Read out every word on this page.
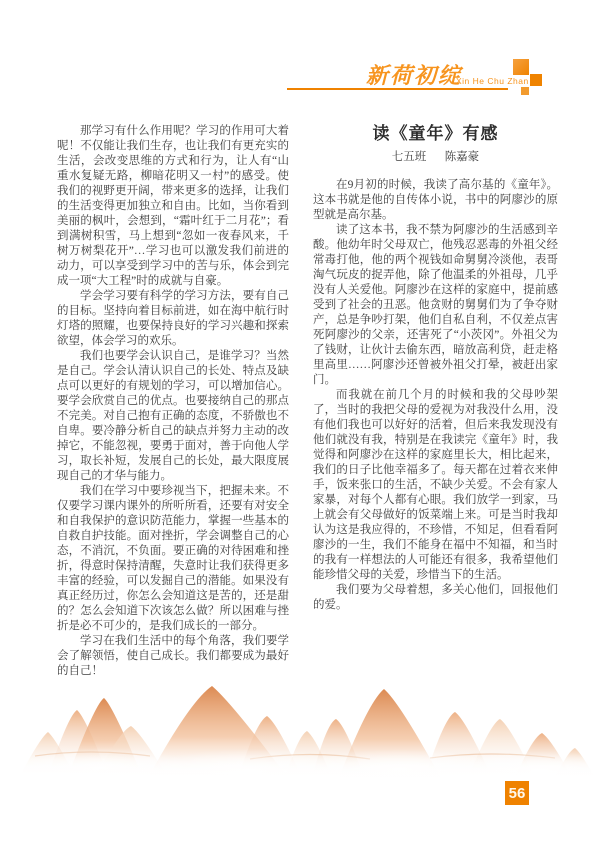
新荷初绽
Xin He Chu Zhan

那学习有什么作用呢？学习的作用可大着呢！不仅能让我们生存，也让我们有更充实的生活，会改变思维的方式和行为，让人有“山重水复疑无路，柳暗花明又一村”的感受。使我们的视野更开阔，带来更多的选择，让我们的生活变得更加独立和自由。比如，当你看到美丽的枫叶，会想到，“霜叶红于二月花”；看到满树积雪，马上想到“忽如一夜春风来，千树万树梨花开”…学习也可以激发我们前进的动力，可以享受到学习中的苦与乐，体会到完成一项“大工程”时的成就与自豪。

学会学习要有科学的学习方法，要有自己的目标。坚持向着目标前进，如在海中航行时灯塔的照耀，也要保持良好的学习兴趣和探索欲望，体会学习的欢乐。

我们也要学会认识自己，是谁学习？当然是自己。学会认清认识自己的长处、特点及缺点可以更好的有规划的学习，可以增加信心。要学会欣赏自己的优点。也要接纳自己的那点不完美。对自己抱有正确的态度，不骄傲也不自卑。要冷静分析自己的缺点并努力主动的改掉它，不能忽视，要勇于面对，善于向他人学习，取长补短，发展自己的长处，最大限度展现自己的才华与能力。

我们在学习中要珍视当下，把握未来。不仅要学习课内课外的所听所看，还要有对安全和自我保护的意识防范能力，掌握一些基本的自救自护技能。面对挫折，学会调整自己的心态，不消沉，不负面。要正确的对待困难和挫折，得意时保持清醒，失意时让我们获得更多丰富的经验，可以发掘自己的潜能。如果没有真正经历过，你怎么会知道这是苦的，还是甜的？怎么会知道下次该怎么做？所以困难与挫折是必不可少的，是我们成长的一部分。

学习在我们生活中的每个角落，我们要学会了解领悟，使自己成长。我们都要成为最好的自己！

读《童年》有感
七五班 陈嘉豪

在9月初的时候，我读了高尔基的《童年》。这本书就是他的自传体小说，书中的阿廖沙的原型就是高尔基。

读了这本书，我不禁为阿廖沙的生活感到辛酸。他幼年时父母双亡，他残忍恶毒的外祖父经常毒打他，他的两个视钱如命舅舅冷淡他，表哥淘气玩皮的捉弄他，除了他温柔的外祖母，几乎没有人关爱他。阿廖沙在这样的家庭中，提前感受到了社会的丑恶。他贪财的舅舅们为了争夺财产，总是争吵打架，他们自私自利，不仅差点害死阿廖沙的父亲，还害死了“小茨冈”。外祖父为了钱财，让伙计去偷东西，暗放高利贷，赶走格里高里……阿廖沙还曾被外祖父打晕，被赶出家门。

而我就在前几个月的时候和我的父母吵架了，当时的我把父母的爱视为对我没什么用，没有他们我也可以好好的活着，但后来我发现没有他们就没有我，特别是在我读完《童年》时，我觉得和阿廖沙在这样的家庭里长大，相比起来，我们的日子比他幸福多了。每天都在过着衣来伸手，饭来张口的生活，不缺少关爱。不会有家人家暴，对每个人都有心眼。我们放学一到家，马上就会有父母做好的饭菜端上来。可是当时我却认为这是我应得的，不珍惜，不知足，但看看阿廖沙的一生，我们不能身在福中不知福，和当时的我有一样想法的人可能还有很多，我希望他们能珍惜父母的关爱，珍惜当下的生活。

我们要为父母着想，多关心他们，回报他们的爱。

56
